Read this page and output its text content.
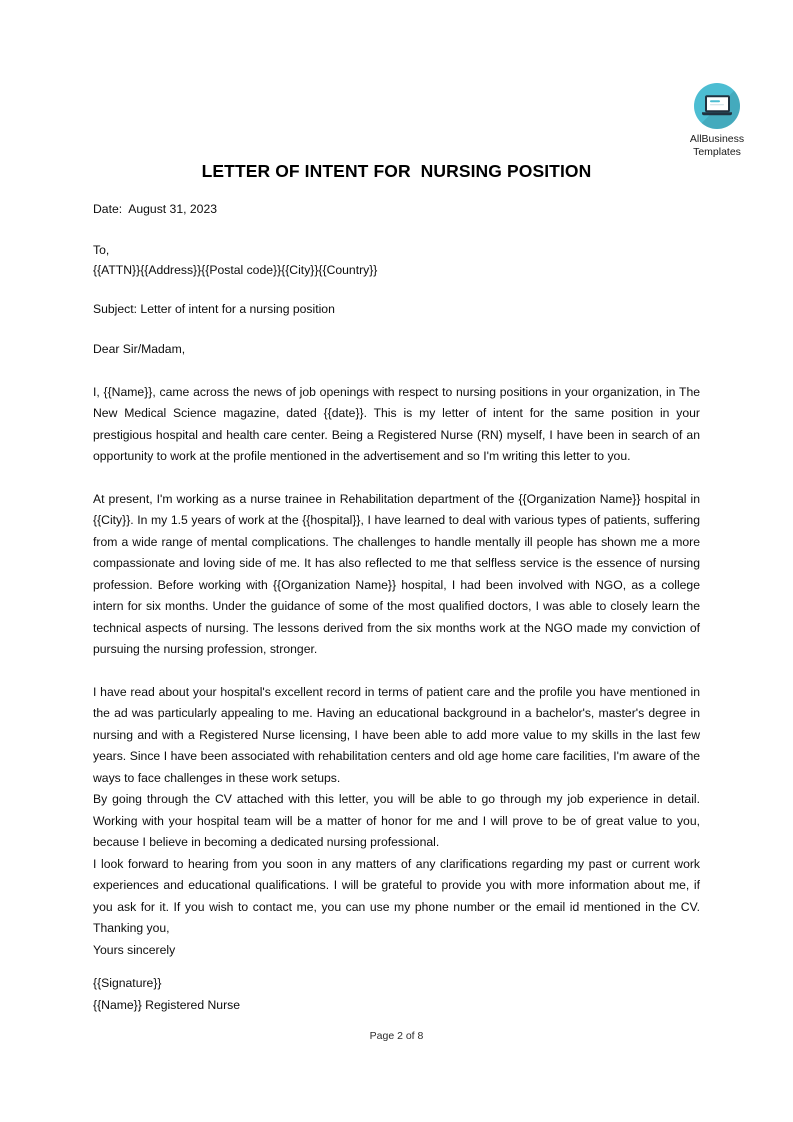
AllBusiness
Templates
LETTER OF INTENT FOR  NURSING POSITION
Date:  August 31, 2023
To,
{{ATTN}}{{Address}}{{Postal code}}{{City}}{{Country}}
Subject: Letter of intent for a nursing position
Dear Sir/Madam,

I, {{Name}}, came across the news of job openings with respect to nursing positions in your organization, in The New Medical Science magazine, dated {{date}}. This is my letter of intent for the same position in your prestigious hospital and health care center. Being a Registered Nurse (RN) myself, I have been in search of an opportunity to work at the profile mentioned in the advertisement and so I'm writing this letter to you.

At present, I'm working as a nurse trainee in Rehabilitation department of the {{Organization Name}} hospital in {{City}}. In my 1.5 years of work at the {{hospital}}, I have learned to deal with various types of patients, suffering from a wide range of mental complications. The challenges to handle mentally ill people has shown me a more compassionate and loving side of me. It has also reflected to me that selfless service is the essence of nursing profession. Before working with {{Organization Name}} hospital, I had been involved with NGO, as a college intern for six months. Under the guidance of some of the most qualified doctors, I was able to closely learn the technical aspects of nursing. The lessons derived from the six months work at the NGO made my conviction of pursuing the nursing profession, stronger.

I have read about your hospital's excellent record in terms of patient care and the profile you have mentioned in the ad was particularly appealing to me. Having an educational background in a bachelor's, master's degree in nursing and with a Registered Nurse licensing, I have been able to add more value to my skills in the last few years. Since I have been associated with rehabilitation centers and old age home care facilities, I'm aware of the ways to face challenges in these work setups.

By going through the CV attached with this letter, you will be able to go through my job experience in detail. Working with your hospital team will be a matter of honor for me and I will prove to be of great value to you, because I believe in becoming a dedicated nursing professional.

I look forward to hearing from you soon in any matters of any clarifications regarding my past or current work experiences and educational qualifications. I will be grateful to provide you with more information about me, if you ask for it. If you wish to contact me, you can use my phone number or the email id mentioned in the CV. Thanking you,

Yours sincerely
{{Signature}}
{{Name}} Registered Nurse
Page 2 of 8
